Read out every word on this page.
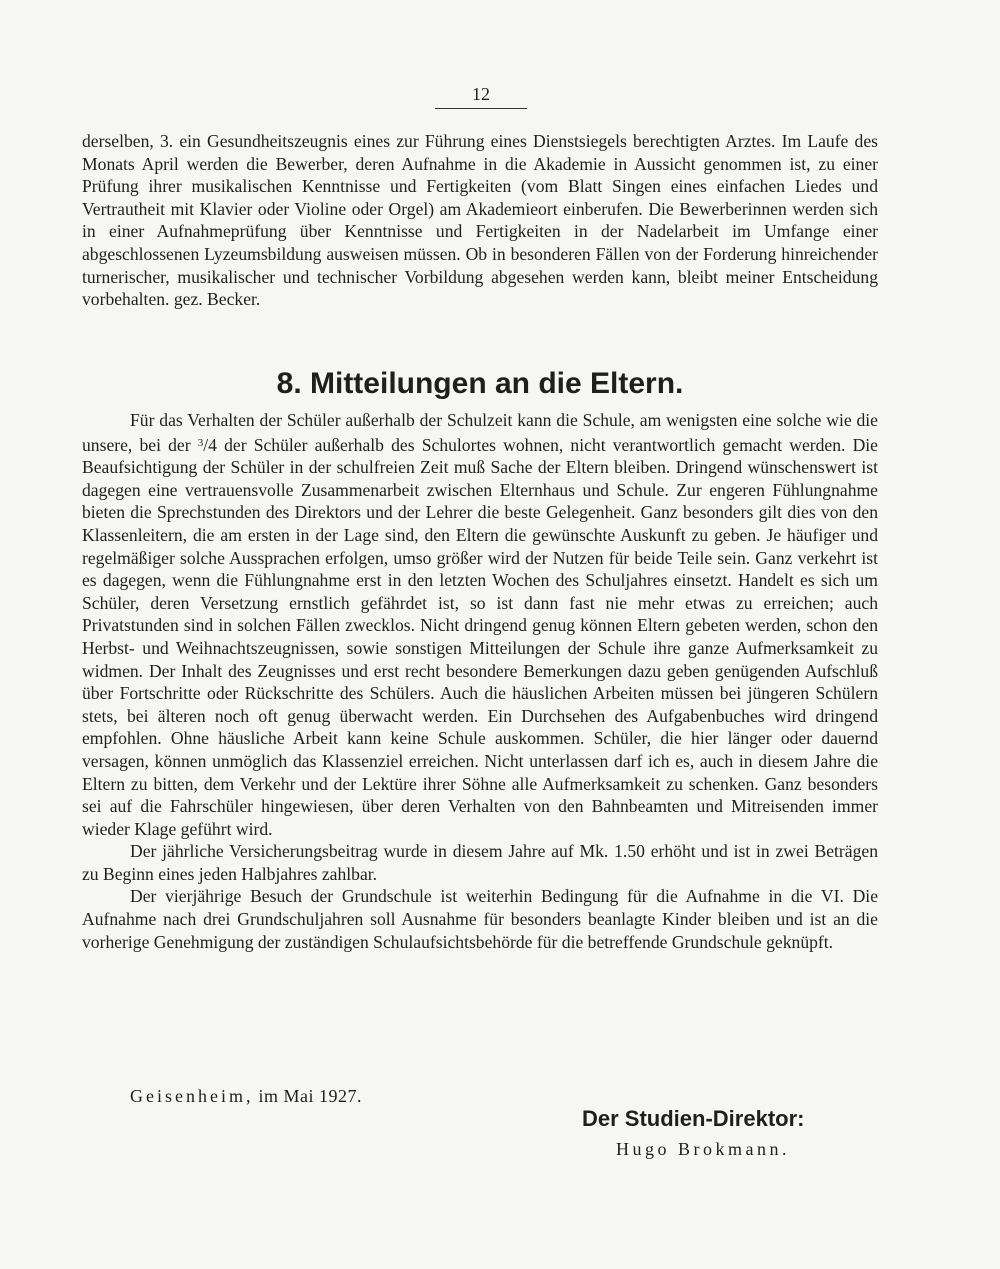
12

derselben, 3. ein Gesundheitszeugnis eines zur Führung eines Dienstsiegels berechtigten Arztes. Im Laufe des Monats April werden die Bewerber, deren Aufnahme in die Akademie in Aussicht genommen ist, zu einer Prüfung ihrer musikalischen Kenntnisse und Fertigkeiten (vom Blatt Singen eines einfachen Liedes und Vertrautheit mit Klavier oder Violine oder Orgel) am Akademieort einberufen. Die Bewerberinnen werden sich in einer Aufnahmeprüfung über Kenntnisse und Fertigkeiten in der Nadelarbeit im Umfange einer abgeschlossenen Lyzeumsbildung ausweisen müssen. Ob in besonderen Fällen von der Forderung hinreichender turnerischer, musikalischer und technischer Vorbildung abgesehen werden kann, bleibt meiner Entscheidung vorbehalten. gez. Becker.

8. Mitteilungen an die Eltern.

Für das Verhalten der Schüler außerhalb der Schulzeit kann die Schule, am wenigsten eine solche wie die unsere, bei der $^3$/4 der Schüler außerhalb des Schulortes wohnen, nicht verantwortlich gemacht werden. Die Beaufsichtigung der Schüler in der schulfreien Zeit muß Sache der Eltern bleiben. Dringend wünschenswert ist dagegen eine vertrauensvolle Zusammenarbeit zwischen Elternhaus und Schule. Zur engeren Fühlungnahme bieten die Sprechstunden des Direktors und der Lehrer die beste Gelegenheit. Ganz besonders gilt dies von den Klassenleitern, die am ersten in der Lage sind, den Eltern die gewünschte Auskunft zu geben. Je häufiger und regelmäßiger solche Aussprachen erfolgen, umso größer wird der Nutzen für beide Teile sein. Ganz verkehrt ist es dagegen, wenn die Fühlungnahme erst in den letzten Wochen des Schuljahres einsetzt. Handelt es sich um Schüler, deren Versetzung ernstlich gefährdet ist, so ist dann fast nie mehr etwas zu erreichen; auch Privatstunden sind in solchen Fällen zwecklos. Nicht dringend genug können Eltern gebeten werden, schon den Herbst- und Weihnachtszeugnissen, sowie sonstigen Mitteilungen der Schule ihre ganze Aufmerksamkeit zu widmen. Der Inhalt des Zeugnisses und erst recht besondere Bemerkungen dazu geben genügenden Aufschluß über Fortschritte oder Rückschritte des Schülers. Auch die häuslichen Arbeiten müssen bei jüngeren Schülern stets, bei älteren noch oft genug überwacht werden. Ein Durchsehen des Aufgabenbuches wird dringend empfohlen. Ohne häusliche Arbeit kann keine Schule auskommen. Schüler, die hier länger oder dauernd versagen, können unmöglich das Klassenziel erreichen. Nicht unterlassen darf ich es, auch in diesem Jahre die Eltern zu bitten, dem Verkehr und der Lektüre ihrer Söhne alle Aufmerksamkeit zu schenken. Ganz besonders sei auf die Fahrschüler hingewiesen, über deren Verhalten von den Bahnbeamten und Mitreisenden immer wieder Klage geführt wird.

Der jährliche Versicherungsbeitrag wurde in diesem Jahre auf Mk. 1.50 erhöht und ist in zwei Beträgen zu Beginn eines jeden Halbjahres zahlbar.

Der vierjährige Besuch der Grundschule ist weiterhin Bedingung für die Aufnahme in die VI. Die Aufnahme nach drei Grundschuljahren soll Ausnahme für besonders beanlagte Kinder bleiben und ist an die vorherige Genehmigung der zuständigen Schulaufsichtsbehörde für die betreffende Grundschule geknüpft.

Geisenheim, im Mai 1927.
Der Studien-Direktor:
Hugo Brokmann.
